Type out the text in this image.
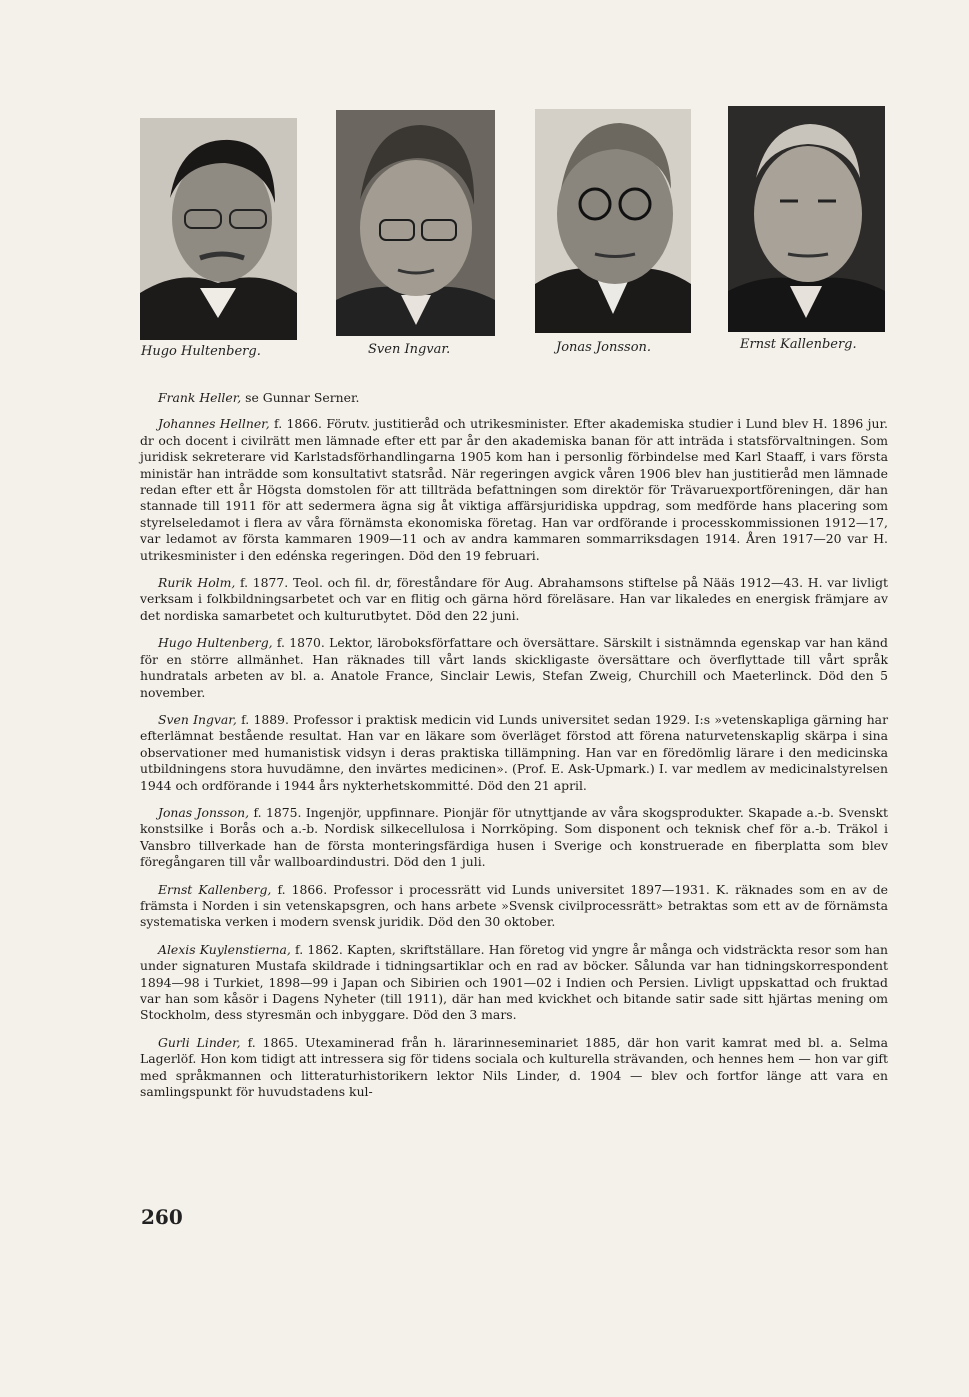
Hugo Hultenberg.	Sven Ingvar.	Jonas Jonsson.	Ernst Kallenberg.

Frank Heller, se Gunnar Serner.

Johannes Hellner, f. 1866. Förutv. justitieråd och utrikesminister. Efter akademiska studier i Lund blev H. 1896 jur. dr och docent i civilrätt men lämnade efter ett par år den akademiska banan för att inträda i statsförvaltningen. Som juridisk sekreterare vid Karlstadsförhandlingarna 1905 kom han i personlig förbindelse med Karl Staaff, i vars första ministär han inträdde som konsultativt statsråd. När regeringen avgick våren 1906 blev han justitieråd men lämnade redan efter ett år Högsta domstolen för att tillträda befattningen som direktör för Trävaruexportföreningen, där han stannade till 1911 för att sedermera ägna sig åt viktiga affärsjuridiska uppdrag, som medförde hans placering som styrelseledamot i flera av våra förnämsta ekonomiska företag. Han var ordförande i processkommissionen 1912—17, var ledamot av första kammaren 1909—11 och av andra kammaren sommarriksdagen 1914. Åren 1917—20 var H. utrikesminister i den edénska regeringen. Död den 19 februari.

Rurik Holm, f. 1877. Teol. och fil. dr, föreståndare för Aug. Abrahamsons stiftelse på Nääs 1912—43. H. var livligt verksam i folkbildningsarbetet och var en flitig och gärna hörd föreläsare. Han var likaledes en energisk främjare av det nordiska samarbetet och kulturutbytet. Död den 22 juni.

Hugo Hultenberg, f. 1870. Lektor, läroboksförfattare och översättare. Särskilt i sistnämnda egenskap var han känd för en större allmänhet. Han räknades till vårt lands skickligaste översättare och överflyttade till vårt språk hundratals arbeten av bl. a. Anatole France, Sinclair Lewis, Stefan Zweig, Churchill och Maeterlinck. Död den 5 november.

Sven Ingvar, f. 1889. Professor i praktisk medicin vid Lunds universitet sedan 1929. I:s »vetenskapliga gärning har efterlämnat bestående resultat. Han var en läkare som överläget förstod att förena naturvetenskaplig skärpa i sina observationer med humanistisk vidsyn i deras praktiska tillämpning. Han var en föredömlig lärare i den medicinska utbildningens stora huvudämne, den invärtes medicinen». (Prof. E. Ask-Upmark.) I. var medlem av medicinalstyrelsen 1944 och ordförande i 1944 års nykterhetskommitté. Död den 21 april.

Jonas Jonsson, f. 1875. Ingenjör, uppfinnare. Pionjär för utnyttjande av våra skogsprodukter. Skapade a.-b. Svenskt konstsilke i Borås och a.-b. Nordisk silkecellulosa i Norrköping. Som disponent och teknisk chef för a.-b. Träkol i Vansbro tillverkade han de första monteringsfärdiga husen i Sverige och konstruerade en fiberplatta som blev föregångaren till vår wallboardindustri. Död den 1 juli.

Ernst Kallenberg, f. 1866. Professor i processrätt vid Lunds universitet 1897—1931. K. räknades som en av de främsta i Norden i sin vetenskapsgren, och hans arbete »Svensk civilprocessrätt» betraktas som ett av de förnämsta systematiska verken i modern svensk juridik. Död den 30 oktober.

Alexis Kuylenstierna, f. 1862. Kapten, skriftställare. Han företog vid yngre år många och vidsträckta resor som han under signaturen Mustafa skildrade i tidningsartiklar och en rad av böcker. Sålunda var han tidningskorrespondent 1894—98 i Turkiet, 1898—99 i Japan och Sibirien och 1901—02 i Indien och Persien. Livligt uppskattad och fruktad var han som kåsör i Dagens Nyheter (till 1911), där han med kvickhet och bitande satir sade sitt hjärtas mening om Stockholm, dess styresmän och inbyggare. Död den 3 mars.

Gurli Linder, f. 1865. Utexaminerad från h. lärarinneseminariet 1885, där hon varit kamrat med bl. a. Selma Lagerlöf. Hon kom tidigt att intressera sig för tidens sociala och kulturella strävanden, och hennes hem — hon var gift med språkmannen och litteraturhistorikern lektor Nils Linder, d. 1904 — blev och fortfor länge att vara en samlingspunkt för huvudstadens kul-

260
